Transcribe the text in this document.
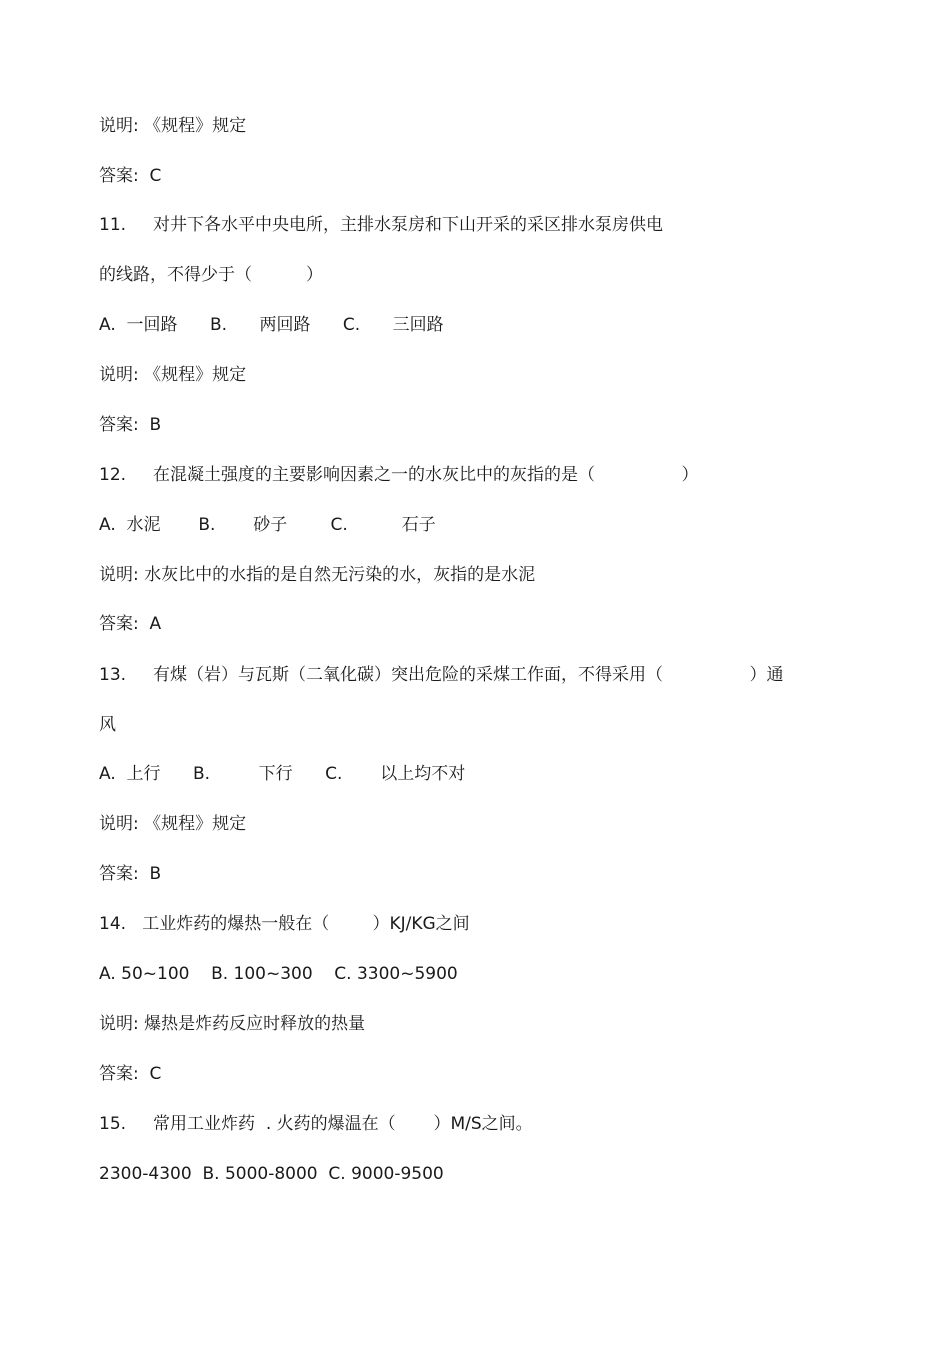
说明: 《规程》规定
答案:  C
11.     对井下各水平中央电所，主排水泵房和下山开采的采区排水泵房供电
的线路，不得少于（          ）
A.  一回路      B.      两回路      C.      三回路
说明: 《规程》规定
答案:  B
12.     在混凝土强度的主要影响因素之一的水灰比中的灰指的是（                ）
A.  水泥       B.       砂子        C.          石子
说明: 水灰比中的水指的是自然无污染的水，灰指的是水泥
答案:  A
13.     有煤（岩）与瓦斯（二氧化碳）突出危险的采煤工作面，不得采用（                ）通
风
A.  上行      B.         下行      C.       以上均不对
说明: 《规程》规定
答案:  B
14.   工业炸药的爆热一般在（        ）KJ/KG之间
A. 50~100    B. 100~300    C. 3300~5900
说明: 爆热是炸药反应时释放的热量
答案:  C
15.     常用工业炸药  . 火药的爆温在（       ）M/S之间。
2300-4300  B. 5000-8000  C. 9000-9500
